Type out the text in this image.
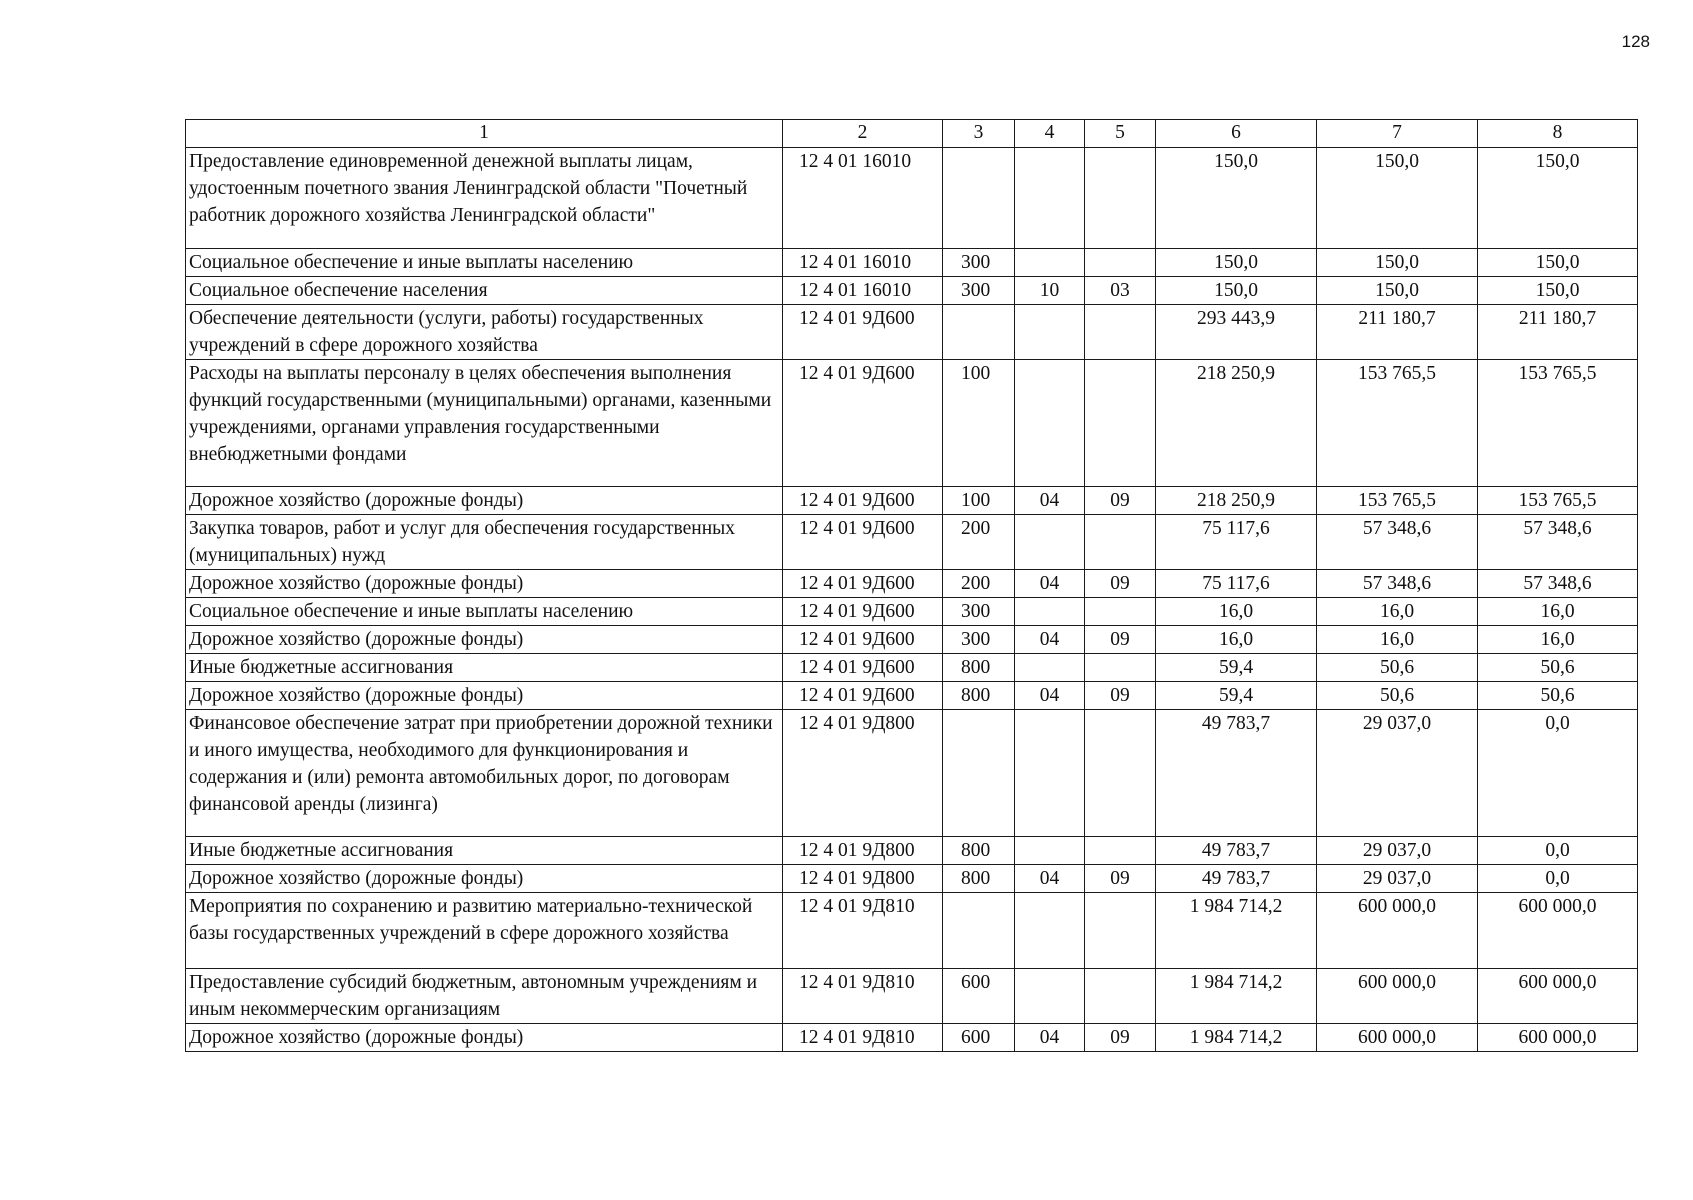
128
1	2	3	4	5	6	7	8
Предоставление единовременной денежной выплаты лицам, удостоенным почетного звания Ленинградской области "Почетный работник дорожного хозяйства Ленинградской области"	12 4 01 16010				150,0	150,0	150,0
Социальное обеспечение и иные выплаты населению	12 4 01 16010	300			150,0	150,0	150,0
Социальное обеспечение населения	12 4 01 16010	300	10	03	150,0	150,0	150,0
Обеспечение деятельности (услуги, работы) государственных учреждений в сфере дорожного хозяйства	12 4 01 9Д600				293 443,9	211 180,7	211 180,7
Расходы на выплаты персоналу в целях обеспечения выполнения функций государственными (муниципальными) органами, казенными учреждениями, органами управления государственными внебюджетными фондами	12 4 01 9Д600	100			218 250,9	153 765,5	153 765,5
Дорожное хозяйство (дорожные фонды)	12 4 01 9Д600	100	04	09	218 250,9	153 765,5	153 765,5
Закупка товаров, работ и услуг для обеспечения государственных (муниципальных) нужд	12 4 01 9Д600	200			75 117,6	57 348,6	57 348,6
Дорожное хозяйство (дорожные фонды)	12 4 01 9Д600	200	04	09	75 117,6	57 348,6	57 348,6
Социальное обеспечение и иные выплаты населению	12 4 01 9Д600	300			16,0	16,0	16,0
Дорожное хозяйство (дорожные фонды)	12 4 01 9Д600	300	04	09	16,0	16,0	16,0
Иные бюджетные ассигнования	12 4 01 9Д600	800			59,4	50,6	50,6
Дорожное хозяйство (дорожные фонды)	12 4 01 9Д600	800	04	09	59,4	50,6	50,6
Финансовое обеспечение затрат при приобретении дорожной техники и иного имущества, необходимого для функционирования и содержания и (или) ремонта автомобильных дорог, по договорам финансовой аренды (лизинга)	12 4 01 9Д800				49 783,7	29 037,0	0,0
Иные бюджетные ассигнования	12 4 01 9Д800	800			49 783,7	29 037,0	0,0
Дорожное хозяйство (дорожные фонды)	12 4 01 9Д800	800	04	09	49 783,7	29 037,0	0,0
Мероприятия по сохранению и развитию материально-технической базы государственных учреждений в сфере дорожного хозяйства	12 4 01 9Д810				1 984 714,2	600 000,0	600 000,0
Предоставление субсидий бюджетным, автономным учреждениям и иным некоммерческим организациям	12 4 01 9Д810	600			1 984 714,2	600 000,0	600 000,0
Дорожное хозяйство (дорожные фонды)	12 4 01 9Д810	600	04	09	1 984 714,2	600 000,0	600 000,0
